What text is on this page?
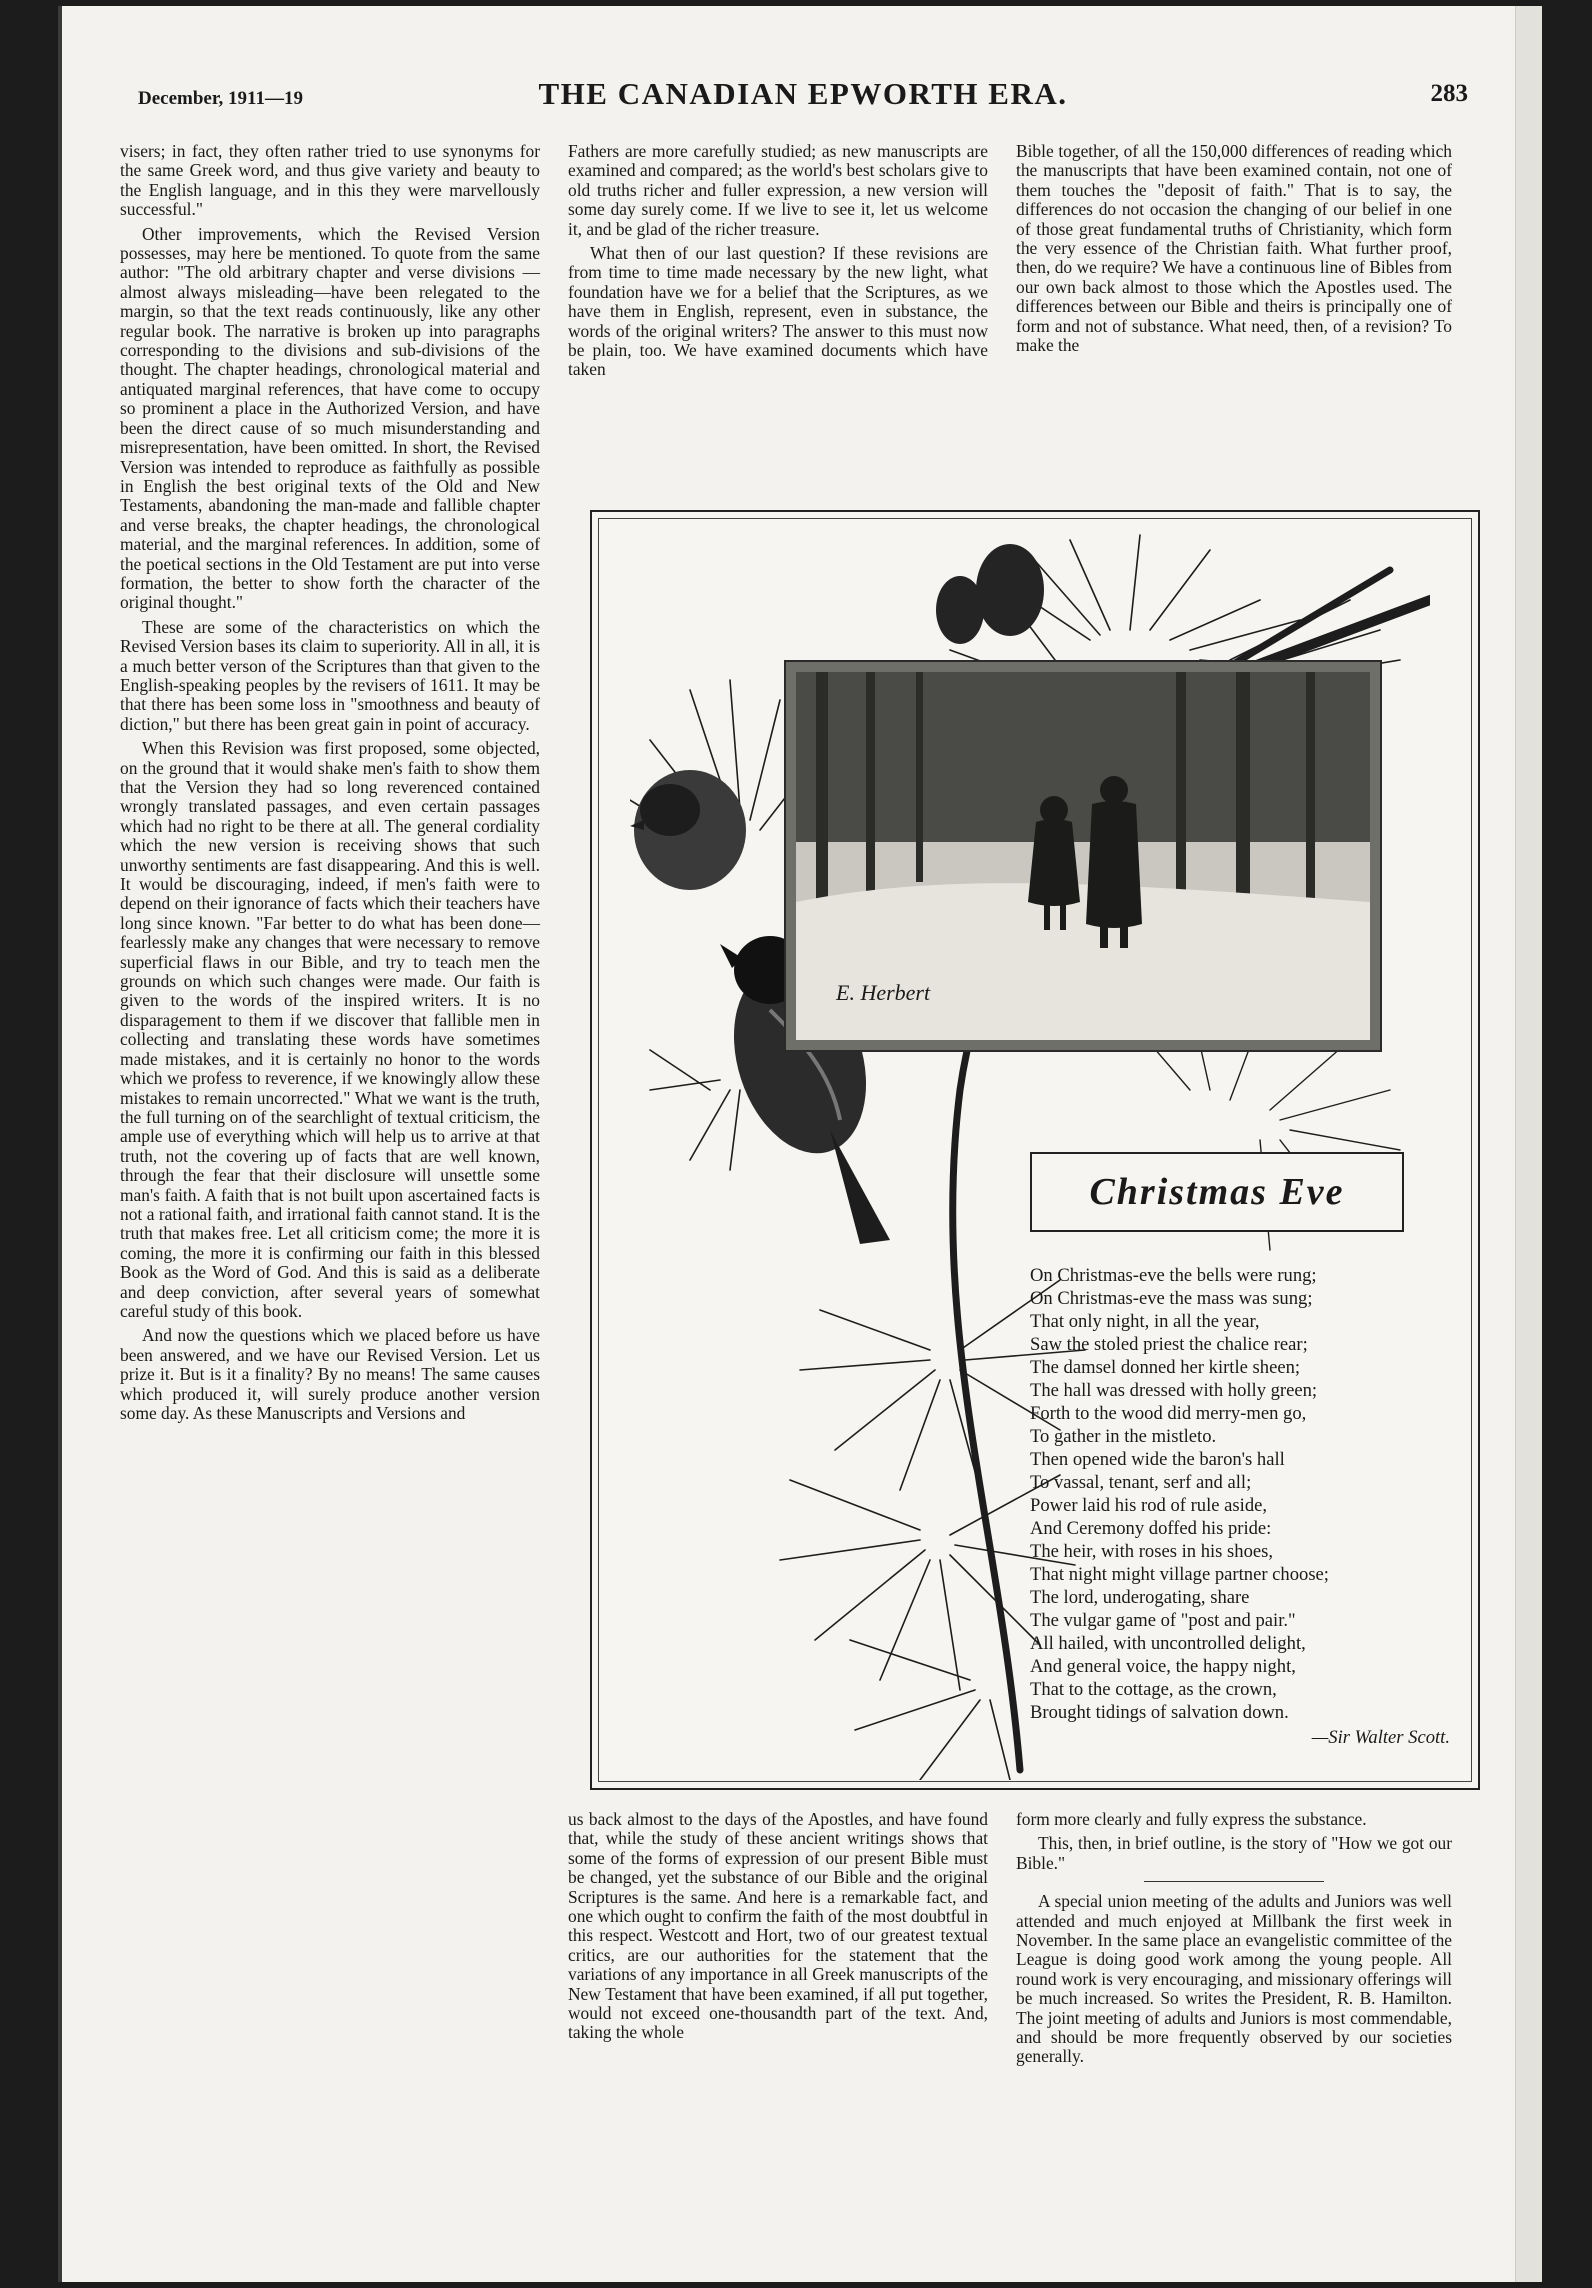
December, 1911—19	THE CANADIAN EPWORTH ERA.	283

visers; in fact, they often rather tried to use synonyms for the same Greek word, and thus give variety and beauty to the English language, and in this they were marvellously successful."

Other improvements, which the Revised Version possesses, may here be mentioned. To quote from the same author: "The old arbitrary chapter and verse divisions —almost always misleading—have been relegated to the margin, so that the text reads continuously, like any other regular book. The narrative is broken up into paragraphs corresponding to the divisions and sub-divisions of the thought. The chapter headings, chronological material and antiquated marginal references, that have come to occupy so prominent a place in the Authorized Version, and have been the direct cause of so much misunderstanding and misrepresentation, have been omitted. In short, the Revised Version was intended to reproduce as faithfully as possible in English the best original texts of the Old and New Testaments, abandoning the man-made and fallible chapter and verse breaks, the chapter headings, the chronological material, and the marginal references. In addition, some of the poetical sections in the Old Testament are put into verse formation, the better to show forth the character of the original thought."

These are some of the characteristics on which the Revised Version bases its claim to superiority. All in all, it is a much better verson of the Scriptures than that given to the English-speaking peoples by the revisers of 1611. It may be that there has been some loss in "smoothness and beauty of diction," but there has been great gain in point of accuracy.

When this Revision was first proposed, some objected, on the ground that it would shake men's faith to show them that the Version they had so long reverenced contained wrongly translated passages, and even certain passages which had no right to be there at all. The general cordiality which the new version is receiving shows that such unworthy sentiments are fast disappearing. And this is well. It would be discouraging, indeed, if men's faith were to depend on their ignorance of facts which their teachers have long since known. "Far better to do what has been done—fearlessly make any changes that were necessary to remove superficial flaws in our Bible, and try to teach men the grounds on which such changes were made. Our faith is given to the words of the inspired writers. It is no disparagement to them if we discover that fallible men in collecting and translating these words have sometimes made mistakes, and it is certainly no honor to the words which we profess to reverence, if we knowingly allow these mistakes to remain uncorrected." What we want is the truth, the full turning on of the searchlight of textual criticism, the ample use of everything which will help us to arrive at that truth, not the covering up of facts that are well known, through the fear that their disclosure will unsettle some man's faith. A faith that is not built upon ascertained facts is not a rational faith, and irrational faith cannot stand. It is the truth that makes free. Let all criticism come; the more it is coming, the more it is confirming our faith in this blessed Book as the Word of God. And this is said as a deliberate and deep conviction, after several years of somewhat careful study of this book.

And now the questions which we placed before us have been answered, and we have our Revised Version. Let us prize it. But is it a finality? By no means! The same causes which produced it, will surely produce another version some day. As these Manuscripts and Versions and

Fathers are more carefully studied; as new manuscripts are examined and compared; as the world's best scholars give to old truths richer and fuller expression, a new version will some day surely come. If we live to see it, let us welcome it, and be glad of the richer treasure.

What then of our last question? If these revisions are from time to time made necessary by the new light, what foundation have we for a belief that the Scriptures, as we have them in English, represent, even in substance, the words of the original writers? The answer to this must now be plain, too. We have examined documents which have taken

Bible together, of all the 150,000 differences of reading which the manuscripts that have been examined contain, not one of them touches the "deposit of faith." That is to say, the differences do not occasion the changing of our belief in one of those great fundamental truths of Christianity, which form the very essence of the Christian faith. What further proof, then, do we require? We have a continuous line of Bibles from our own back almost to those which the Apostles used. The differences between our Bible and theirs is principally one of form and not of substance. What need, then, of a revision? To make the

E. Herbert
Christmas Eve
On Christmas-eve the bells were rung;
On Christmas-eve the mass was sung;
That only night, in all the year,
Saw the stoled priest the chalice rear;
The damsel donned her kirtle sheen;
The hall was dressed with holly green;
Forth to the wood did merry-men go,
To gather in the mistleto.
Then opened wide the baron's hall
To vassal, tenant, serf and all;
Power laid his rod of rule aside,
And Ceremony doffed his pride:
The heir, with roses in his shoes,
That night might village partner choose;
The lord, underogating, share
The vulgar game of "post and pair."
All hailed, with uncontrolled delight,
And general voice, the happy night,
That to the cottage, as the crown,
Brought tidings of salvation down.
—Sir Walter Scott.

us back almost to the days of the Apostles, and have found that, while the study of these ancient writings shows that some of the forms of expression of our present Bible must be changed, yet the substance of our Bible and the original Scriptures is the same. And here is a remarkable fact, and one which ought to confirm the faith of the most doubtful in this respect. Westcott and Hort, two of our greatest textual critics, are our authorities for the statement that the variations of any importance in all Greek manuscripts of the New Testament that have been examined, if all put together, would not exceed one-thousandth part of the text. And, taking the whole

form more clearly and fully express the substance.

This, then, in brief outline, is the story of "How we got our Bible."

A special union meeting of the adults and Juniors was well attended and much enjoyed at Millbank the first week in November. In the same place an evangelistic committee of the League is doing good work among the young people. All round work is very encouraging, and missionary offerings will be much increased. So writes the President, R. B. Hamilton. The joint meeting of adults and Juniors is most commendable, and should be more frequently observed by our societies generally.
